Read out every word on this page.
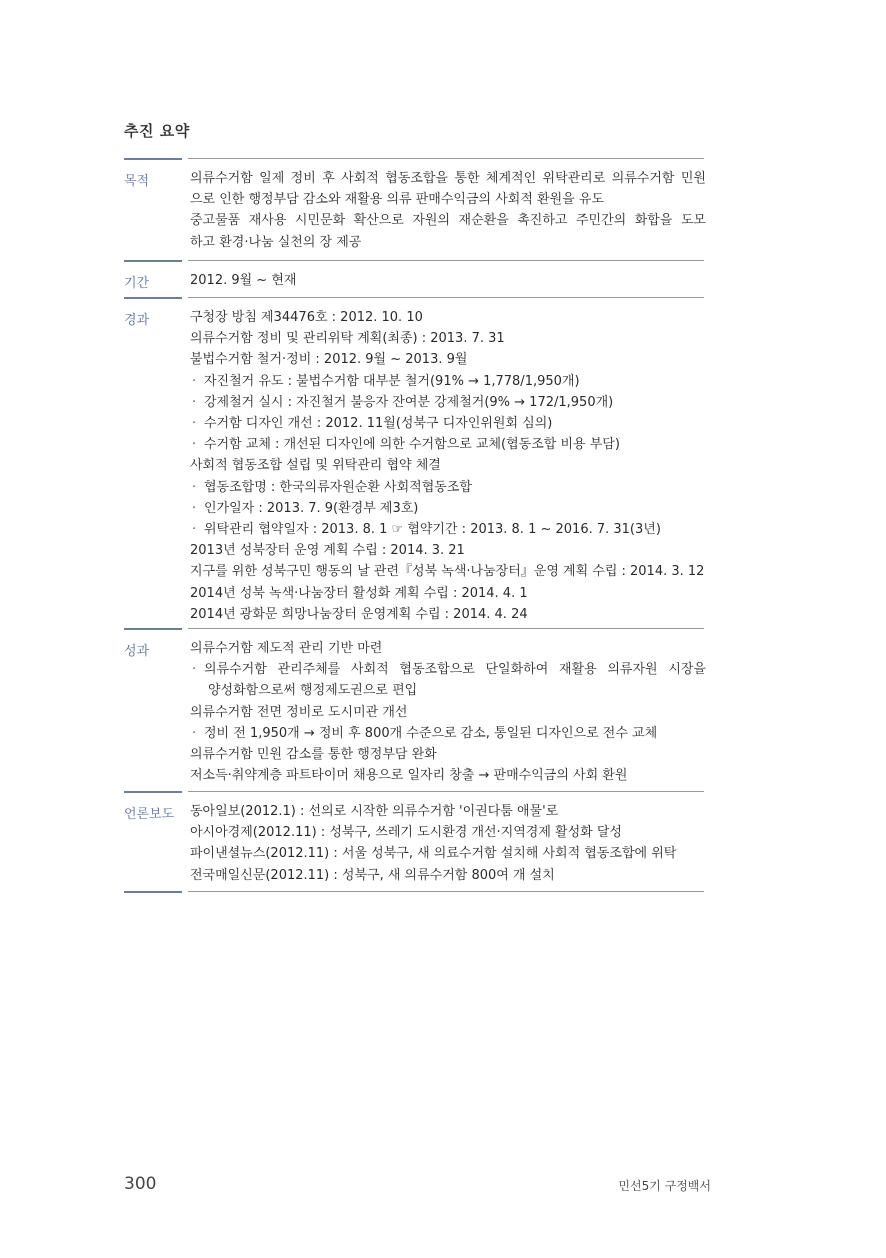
추진 요약
목적	의류수거함 일제 정비 후 사회적 협동조합을 통한 체계적인 위탁관리로 의류수거함 민원
으로 인한 행정부담 감소와 재활용 의류 판매수익금의 사회적 환원을 유도
중고물품 재사용 시민문화 확산으로 자원의 재순환을 촉진하고 주민간의 화합을 도모
하고 환경·나눔 실천의 장 제공
기간	2012. 9월 ~ 현재
경과	구청장 방침 제34476호 : 2012. 10. 10
의류수거함 정비 및 관리위탁 계획(최종) : 2013. 7. 31
불법수거함 철거·정비 : 2012. 9월 ~ 2013. 9월
· 자진철거 유도 : 불법수거함 대부분 철거(91% → 1,778/1,950개)
· 강제철거 실시 : 자진철거 불응자 잔여분 강제철거(9% → 172/1,950개)
· 수거함 디자인 개선 : 2012. 11월(성북구 디자인위원회 심의)
· 수거함 교체 : 개선된 디자인에 의한 수거함으로 교체(협동조합 비용 부담)
사회적 협동조합 설립 및 위탁관리 협약 체결
· 협동조합명 : 한국의류자원순환 사회적협동조합
· 인가일자 : 2013. 7. 9(환경부 제3호)
· 위탁관리 협약일자 : 2013. 8. 1 ☞ 협약기간 : 2013. 8. 1 ~ 2016. 7. 31(3년)
2013년 성북장터 운영 계획 수립 : 2014. 3. 21
지구를 위한 성북구민 행동의 날 관련『성북 녹색·나눔장터』운영 계획 수립 : 2014. 3. 12
2014년 성북 녹색·나눔장터 활성화 계획 수립 : 2014. 4. 1
2014년 광화문 희망나눔장터 운영계획 수립 : 2014. 4. 24
성과	의류수거함 제도적 관리 기반 마련
· 의류수거함 관리주체를 사회적 협동조합으로 단일화하여 재활용 의류자원 시장을
양성화함으로써 행정제도권으로 편입
의류수거함 전면 정비로 도시미관 개선
· 정비 전 1,950개 → 정비 후 800개 수준으로 감소, 통일된 디자인으로 전수 교체
의류수거함 민원 감소를 통한 행정부담 완화
저소득·취약계층 파트타이머 채용으로 일자리 창출 → 판매수익금의 사회 환원
언론보도 동아일보(2012.1) : 선의로 시작한 의류수거함 '이권다툼 애물'로
아시아경제(2012.11) : 성북구, 쓰레기 도시환경 개선·지역경제 활성화 달성
파이낸셜뉴스(2012.11) : 서울 성북구, 새 의료수거함 설치해 사회적 협동조합에 위탁
전국매일신문(2012.11) : 성북구, 새 의류수거함 800여 개 설치
300	민선5기 구정백서
